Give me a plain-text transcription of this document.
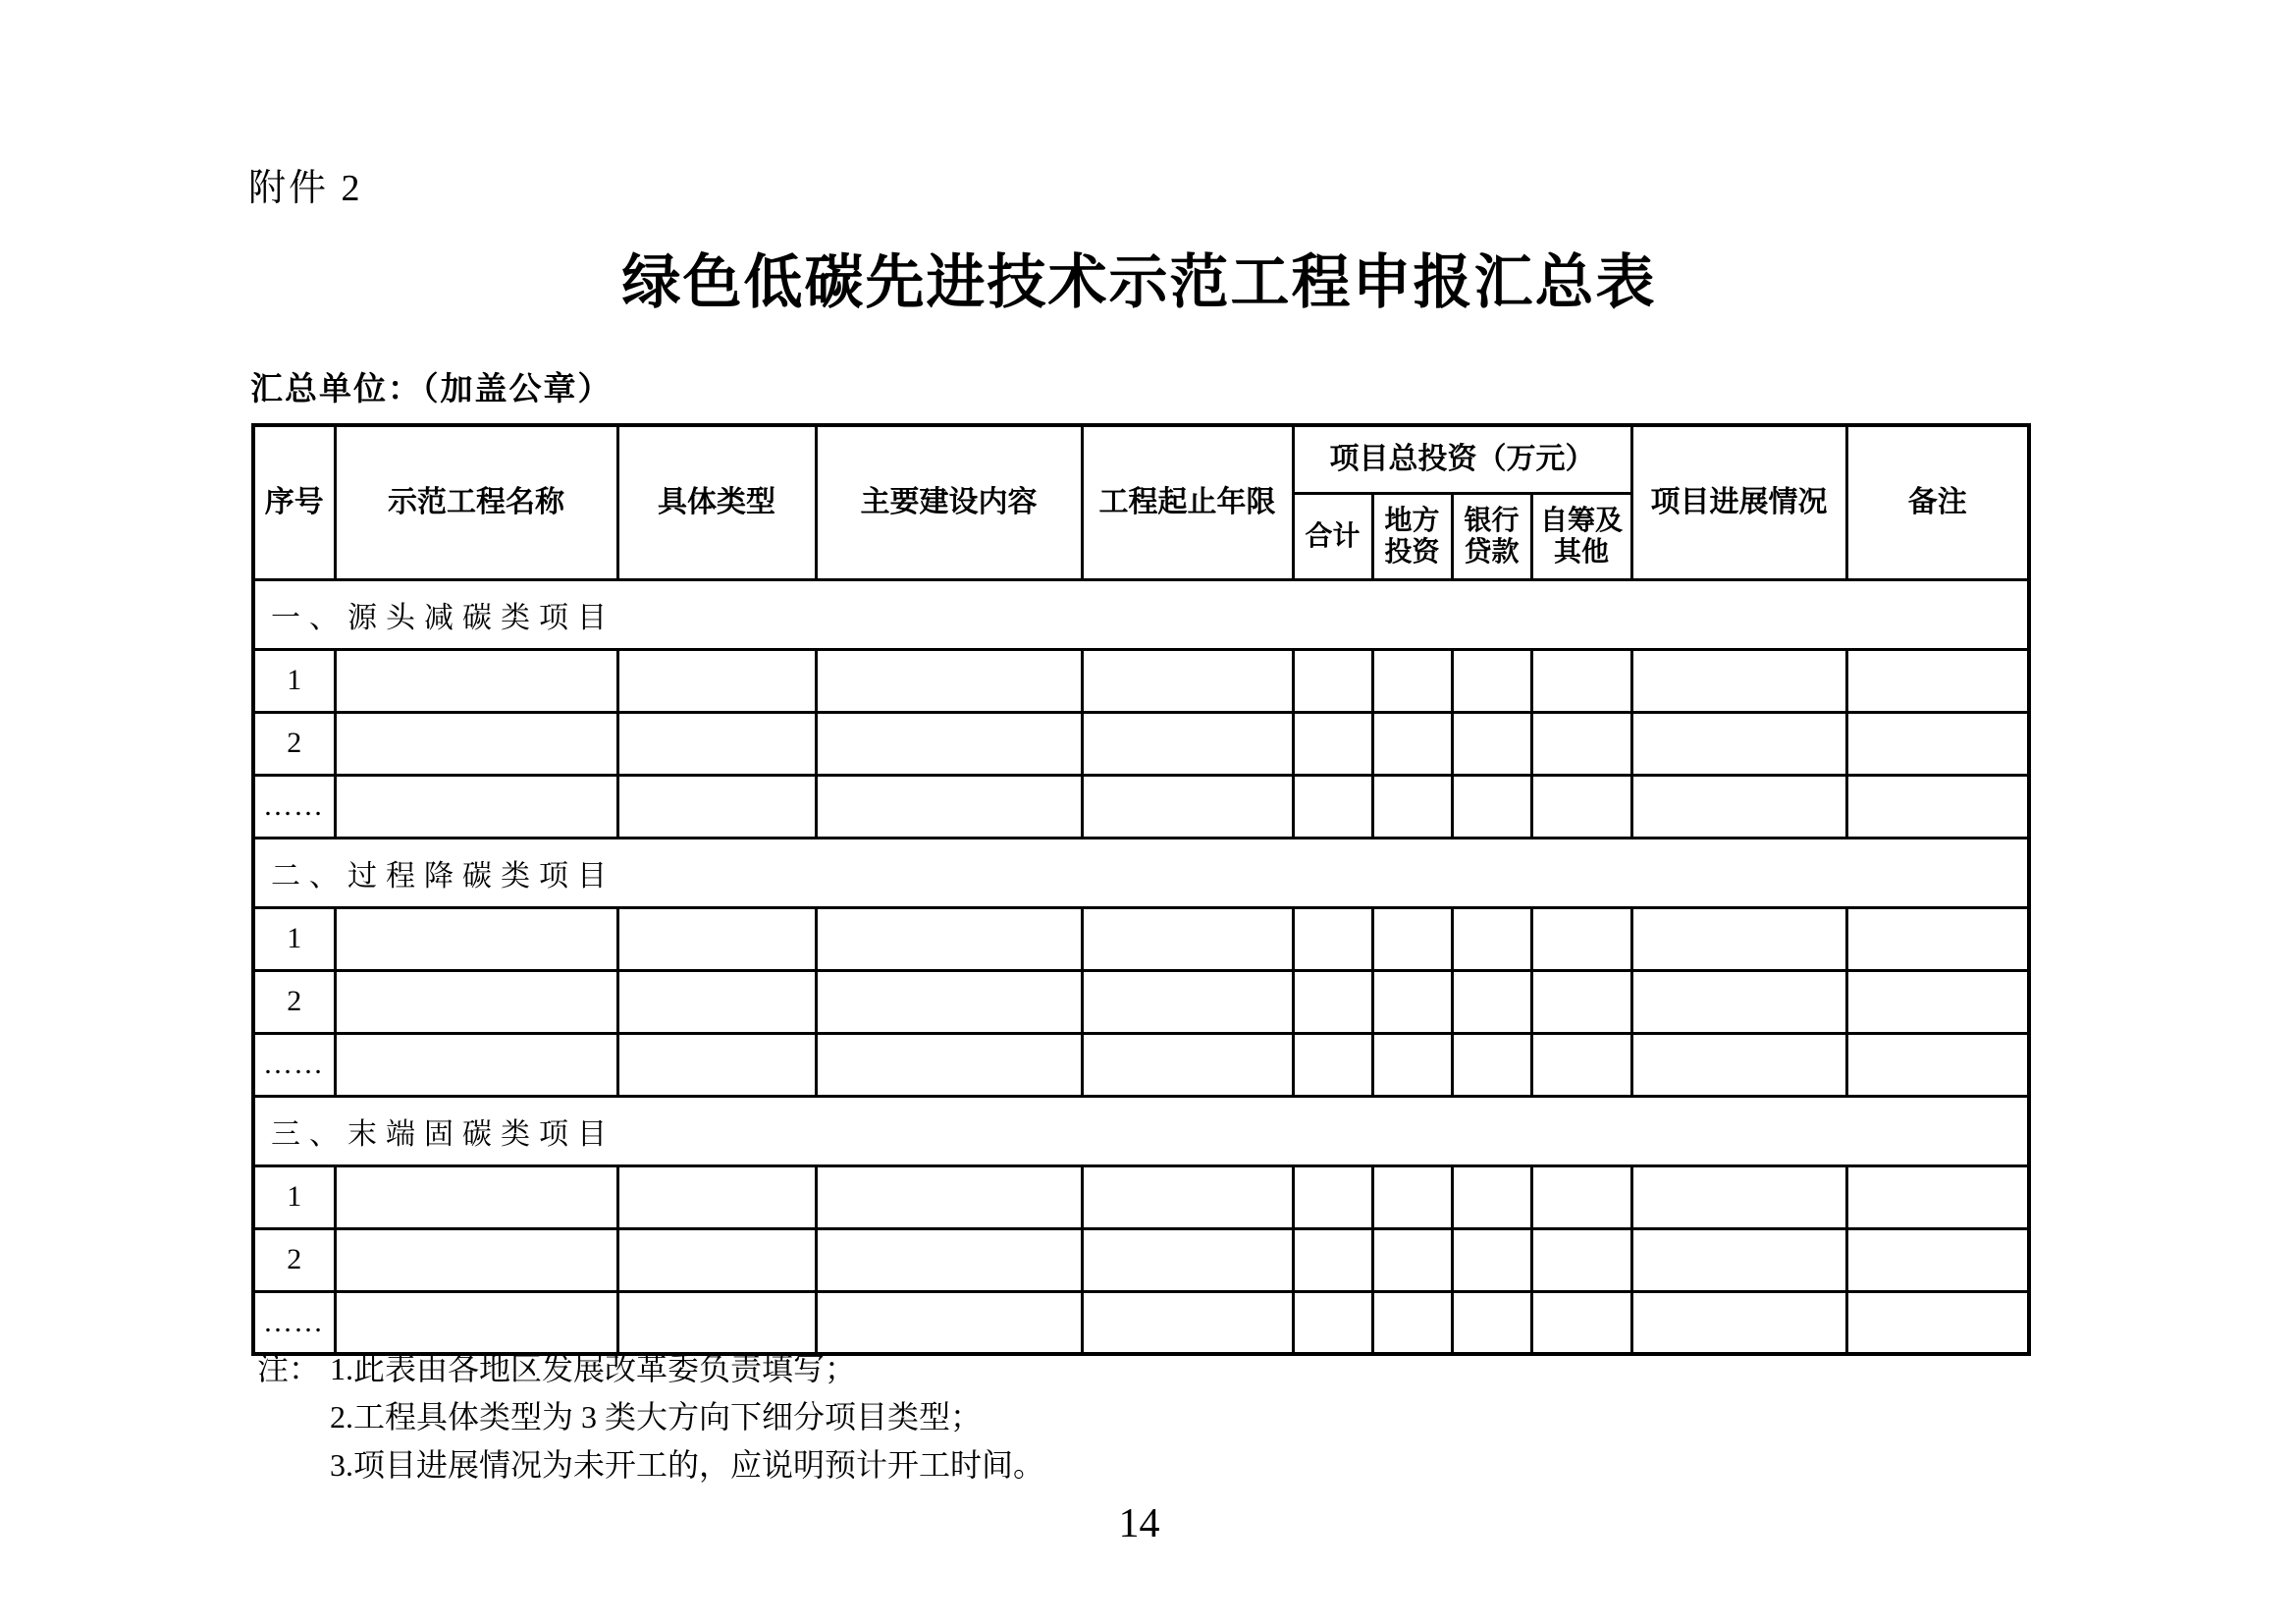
附件 2
绿色低碳先进技术示范工程申报汇总表
汇总单位：（加盖公章）
序号	示范工程名称	具体类型	主要建设内容	工程起止年限	项目总投资（万元）				项目进展情况	备注
					合计	地方投资	银行贷款	自筹及其他		
一、源头减碳类项目										
1										
2										
……										
二、过程降碳类项目										
1										
2										
……										
三、末端固碳类项目										
1										
2										
……										
注： 1.此表由各地区发展改革委负责填写；
2.工程具体类型为 3 类大方向下细分项目类型；
3.项目进展情况为未开工的，应说明预计开工时间。
14
